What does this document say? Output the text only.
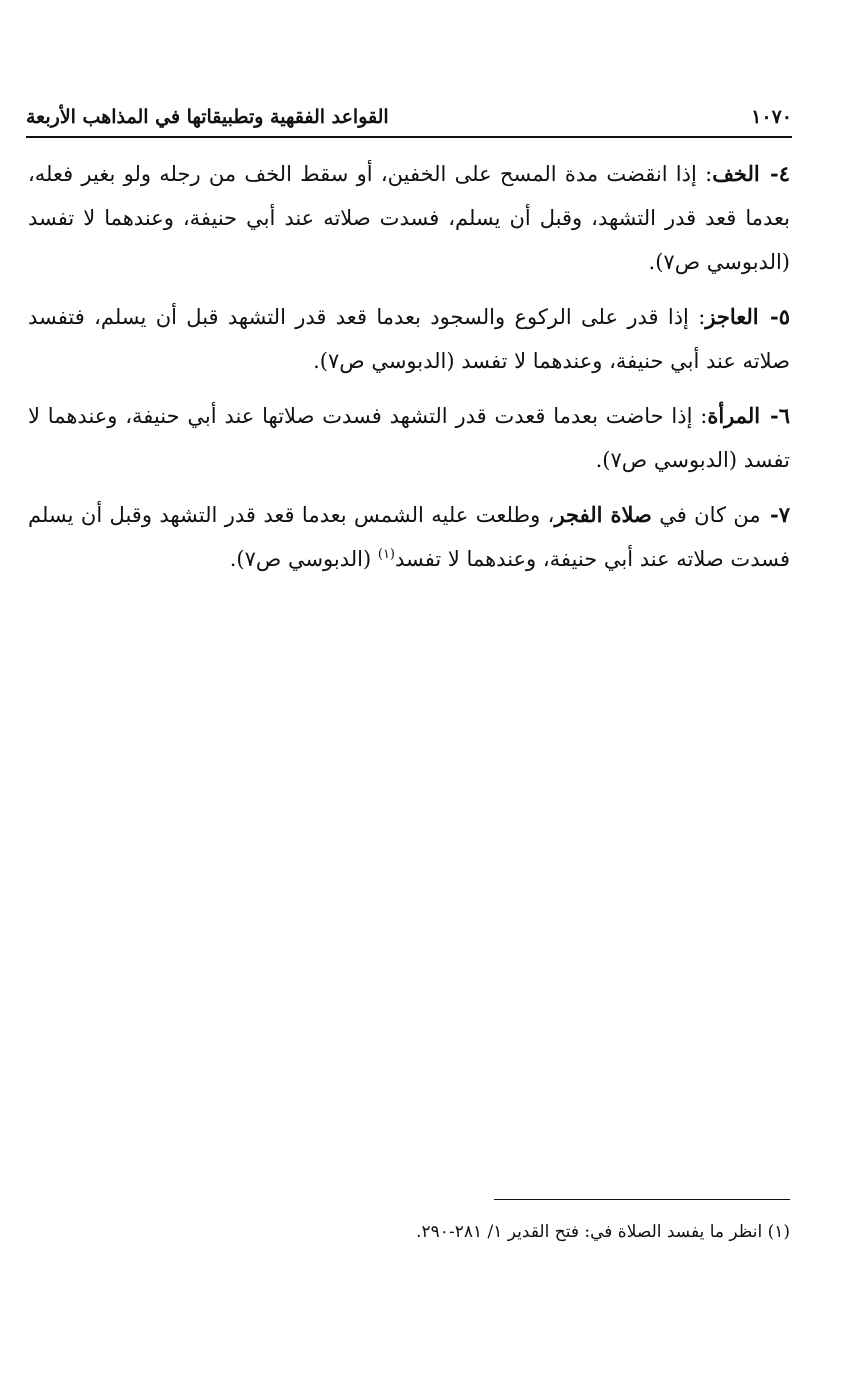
١٠٧٠
القواعد الفقهية وتطبيقاتها في المذاهب الأربعة

٤- الخف: إذا انقضت مدة المسح على الخفين، أو سقط الخف من رجله ولو بغير فعله، بعدما قعد قدر التشهد، وقبل أن يسلم، فسدت صلاته عند أبي حنيفة، وعندهما لا تفسد (الدبوسي ص٧).

٥- العاجز: إذا قدر على الركوع والسجود بعدما قعد قدر التشهد قبل أن يسلم، فتفسد صلاته عند أبي حنيفة، وعندهما لا تفسد (الدبوسي ص٧).

٦- المرأة: إذا حاضت بعدما قعدت قدر التشهد فسدت صلاتها عند أبي حنيفة، وعندهما لا تفسد (الدبوسي ص٧).

٧- من كان في صلاة الفجر، وطلعت عليه الشمس بعدما قعد قدر التشهد وقبل أن يسلم فسدت صلاته عند أبي حنيفة، وعندهما لا تفسد$^{(١)}$ (الدبوسي ص٧).

(١) انظر ما يفسد الصلاة في: فتح القدير ١/ ٢٨١-٢٩٠.
